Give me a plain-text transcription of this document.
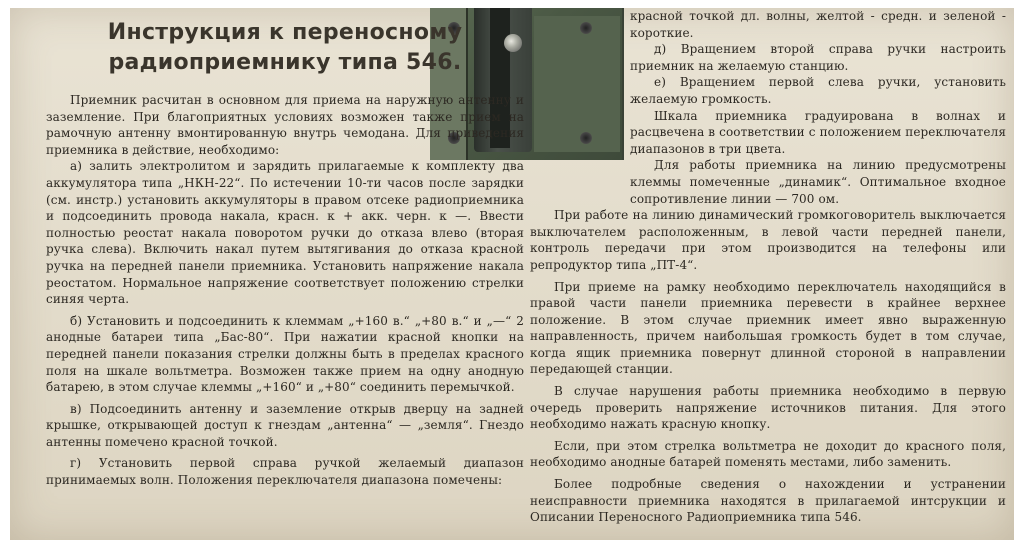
Инструкция к переносному
радиоприемнику типа 546.

Приемник расчитан в основном для приема на наружную антенну и заземление. При благоприятных условиях возможен также прием на рамочную антенну вмонтированную внутрь чемодана. Для приведения приемника в действие, необходимо:

а) залить электролитом и зарядить прилагаемые к комплекту два аккумулятора типа „НКН-22“. По истечении 10-ти часов после зарядки (см. инстр.) установить аккумуляторы в правом отсеке радиоприемника и подсоединить провода накала, красн. к + акк. черн. к —. Ввести полностью реостат накала поворотом ручки до отказа влево (вторая ручка слева). Включить накал путем вытягивания до отказа красной ручка на передней панели приемника. Установить напряжение накала реостатом. Нормальное напряжение соответствует положению стрелки синяя черта.

б) Установить и подсоединить к клеммам „+160 в.“ „+80 в.“ и „—“ 2 анодные батареи типа „Бас-80“. При нажатии красной кнопки на передней панели показания стрелки должны быть в пределах красного поля на шкале вольтметра. Возможен также прием на одну анодную батарею, в этом случае клеммы „+160“ и „+80“ соединить перемычкой.

в) Подсоединить антенну и заземление открыв дверцу на задней крышке, открывающей доступ к гнездам „антенна“ — „земля“. Гнездо антенны помечено красной точкой.

г) Установить первой справа ручкой желаемый диапазон принимаемых волн. Положения переключателя диапазона помечены:

красной точкой дл. волны, желтой - средн. и зеленой - короткие.

д) Вращением второй справа ручки настроить приемник на желаемую станцию.

е) Вращением первой слева ручки, установить желаемую громкость.

Шкала приемника градуирована в волнах и расцвечена в соответствии с положением переключателя диапазонов в три цвета.

Для работы приемника на линию предусмотрены клеммы помеченные „динамик“. Оптимальное входное сопротивление линии — 700 ом.

При работе на линию динамический громкоговоритель выключается выключателем расположенным, в левой части передней панели, контроль передачи при этом производится на телефоны или репродуктор типа „ПТ-4“.

При приеме на рамку необходимо переключатель находящийся в правой части панели приемника перевести в крайнее верхнее положение. В этом случае приемник имеет явно выраженную направленность, причем наибольшая громкость будет в том случае, когда ящик приемника повернут длинной стороной в направлении передающей станции.

В случае нарушения работы приемника необходимо в первую очередь проверить напряжение источников питания. Для этого необходимо нажать красную кнопку.

Если, при этом стрелка вольтметра не доходит до красного поля, необходимо анодные батарей поменять местами, либо заменить.

Более подробные сведения о нахождении и устранении неисправности приемника находятся в прилагаемой интсрукции и Описании Переносного Радиоприемника типа 546.
